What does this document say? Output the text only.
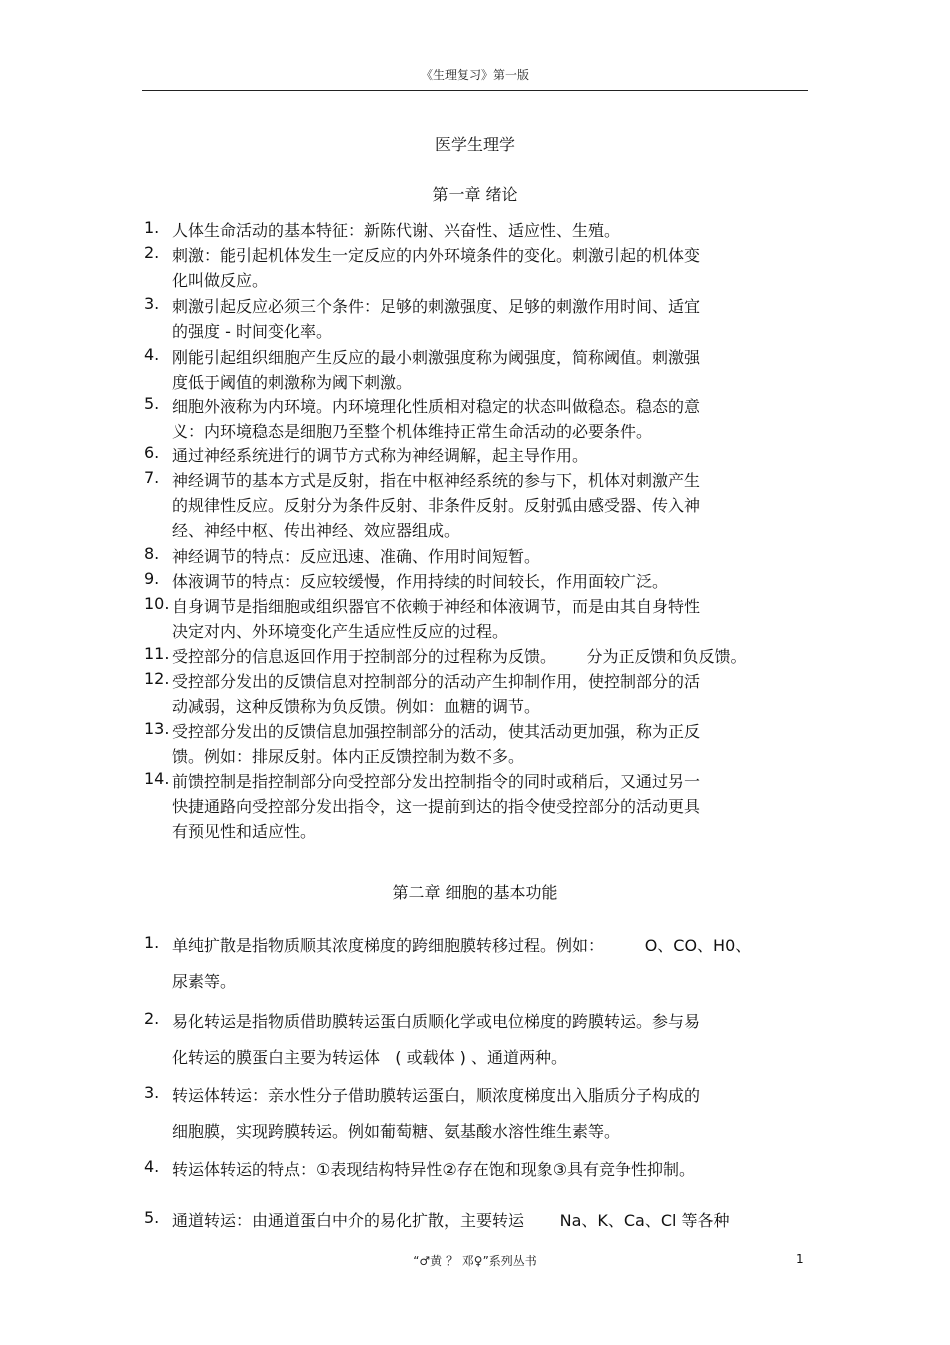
《生理复习》第一版
医学生理学
第一章 绪论
1. 人体生命活动的基本特征：新陈代谢、兴奋性、适应性、生殖。
2. 刺激：能引起机体发生一定反应的内外环境条件的变化。刺激引起的机体变
化叫做反应。
3. 刺激引起反应必须三个条件：足够的刺激强度、足够的刺激作用时间、适宜
的强度 - 时间变化率。
4. 刚能引起组织细胞产生反应的最小刺激强度称为阈强度，简称阈值。刺激强
度低于阈值的刺激称为阈下刺激。
5. 细胞外液称为内环境。内环境理化性质相对稳定的状态叫做稳态。稳态的意
义：内环境稳态是细胞乃至整个机体维持正常生命活动的必要条件。
6. 通过神经系统进行的调节方式称为神经调解，起主导作用。
7. 神经调节的基本方式是反射，指在中枢神经系统的参与下，机体对刺激产生
的规律性反应。反射分为条件反射、非条件反射。反射弧由感受器、传入神
经、神经中枢、传出神经、效应器组成。
8. 神经调节的特点：反应迅速、准确、作用时间短暂。
9. 体液调节的特点：反应较缓慢，作用持续的时间较长，作用面较广泛。
10. 自身调节是指细胞或组织器官不依赖于神经和体液调节，而是由其自身特性
决定对内、外环境变化产生适应性反应的过程。
11. 受控部分的信息返回作用于控制部分的过程称为反馈。      分为正反馈和负反馈。
12. 受控部分发出的反馈信息对控制部分的活动产生抑制作用，使控制部分的活
动减弱，这种反馈称为负反馈。例如：血糖的调节。
13. 受控部分发出的反馈信息加强控制部分的活动，使其活动更加强，称为正反
馈。例如：排尿反射。体内正反馈控制为数不多。
14. 前馈控制是指控制部分向受控部分发出控制指令的同时或稍后，又通过另一
快捷通路向受控部分发出指令，这一提前到达的指令使受控部分的活动更具
有预见性和适应性。
第二章 细胞的基本功能
1. 单纯扩散是指物质顺其浓度梯度的跨细胞膜转移过程。例如：        O、CO、H0、
尿素等。
2. 易化转运是指物质借助膜转运蛋白质顺化学或电位梯度的跨膜转运。参与易
化转运的膜蛋白主要为转运体   ( 或载体 ) 、通道两种。
3. 转运体转运：亲水性分子借助膜转运蛋白，顺浓度梯度出入脂质分子构成的
细胞膜，实现跨膜转运。例如葡萄糖、氨基酸水溶性维生素等。
4. 转运体转运的特点：①表现结构特异性②存在饱和现象③具有竞争性抑制。
5. 通道转运：由通道蛋白中介的易化扩散，主要转运       Na、K、Ca、Cl 等各种
“♂黄 ？ 邓♀”系列丛书	1
